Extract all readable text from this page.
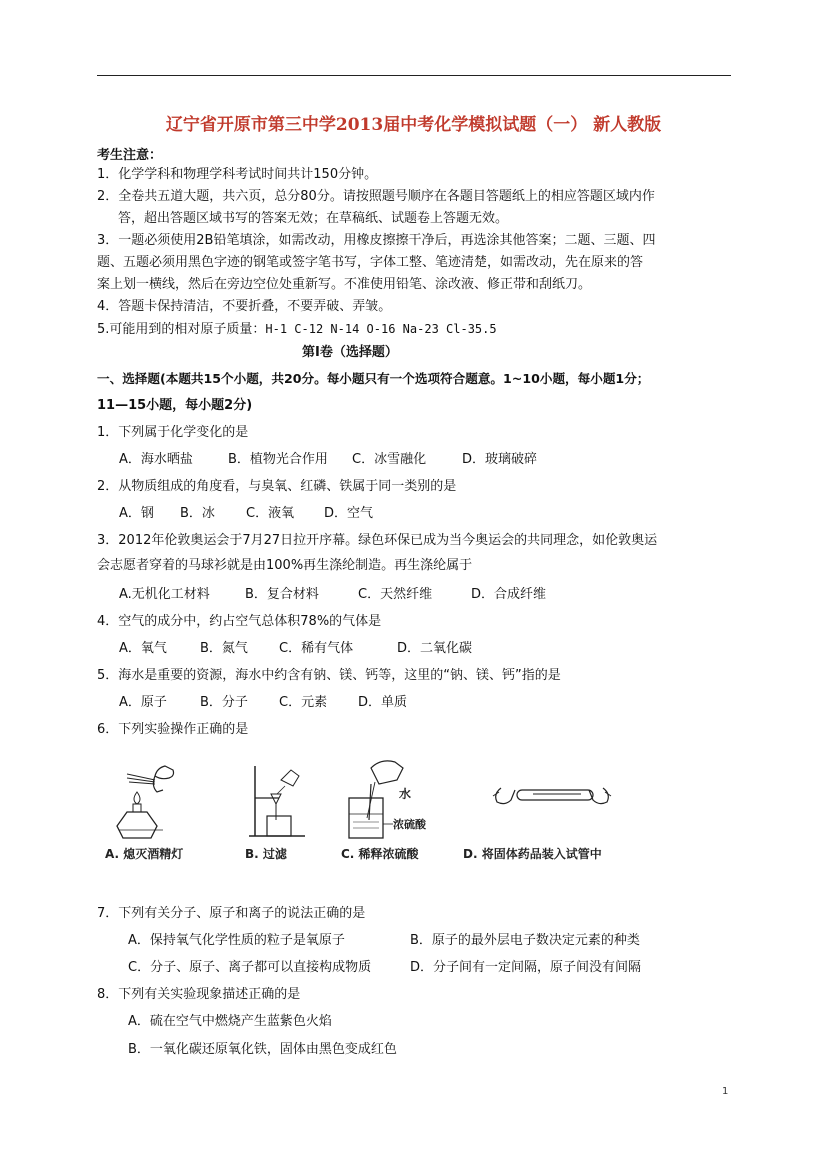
辽宁省开原市第三中学2013届中考化学模拟试题（一） 新人教版
考生注意：
1．化学学科和物理学科考试时间共计150分钟。
2．全卷共五道大题，共六页，总分80分。请按照题号顺序在各题目答题纸上的相应答题区域内作
答，超出答题区域书写的答案无效；在草稿纸、试题卷上答题无效。
3．一题必须使用2B铅笔填涂，如需改动，用橡皮擦擦干净后，再选涂其他答案；二题、三题、四
题、五题必须用黑色字迹的钢笔或签字笔书写，字体工整、笔迹清楚，如需改动，先在原来的答
案上划一横线，然后在旁边空位处重新写。不准使用铅笔、涂改液、修正带和刮纸刀。
4．答题卡保持清洁，不要折叠，不要弄破、弄皱。
5.可能用到的相对原子质量：H-1 C-12 N-14 O-16 Na-23 Cl-35.5
第Ⅰ卷（选择题）
一、选择题(本题共15个小题，共20分。每小题只有一个选项符合题意。1~10小题，每小题1分；
11—15小题，每小题2分)
1．下列属于化学变化的是
A．海水晒盐	B．植物光合作用 C．冰雪融化	D．玻璃破碎
2．从物质组成的角度看，与臭氧、红磷、铁属于同一类别的是
A．钢 B．冰 C．液氧 D．空气
3．2012年伦敦奥运会于7月27日拉开序幕。绿色环保已成为当今奥运会的共同理念，如伦敦奥运
会志愿者穿着的马球衫就是由100%再生涤纶制造。再生涤纶属于
A.无机化工材料	B．复合材料	C．天然纤维	D．合成纤维
4．空气的成分中，约占空气总体积78%的气体是
A．氧气	B．氮气 C．稀有气体	D．二氧化碳
5．海水是重要的资源，海水中约含有钠、镁、钙等，这里的“钠、镁、钙”指的是
A．原子	B．分子 C．元素 D．单质
6．下列实验操作正确的是
A. 熄灭酒精灯	B. 过滤
水
浓硫酸
C. 稀释浓硫酸	D. 将固体药品装入试管中
7．下列有关分子、原子和离子的说法正确的是
A．保持氧气化学性质的粒子是氧原子	B．原子的最外层电子数决定元素的种类
C．分子、原子、离子都可以直接构成物质	D．分子间有一定间隔，原子间没有间隔
8．下列有关实验现象描述正确的是
A．硫在空气中燃烧产生蓝紫色火焰
B．一氧化碳还原氧化铁，固体由黑色变成红色
1
